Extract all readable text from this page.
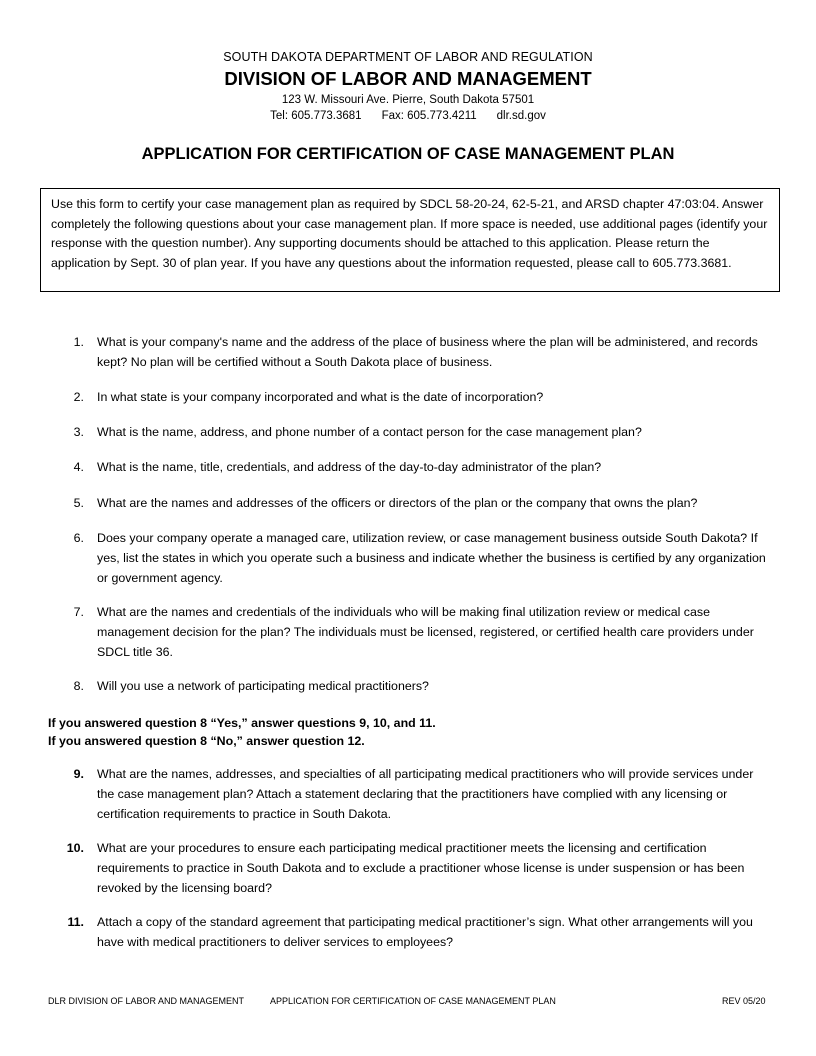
SOUTH DAKOTA DEPARTMENT OF LABOR AND REGULATION
DIVISION OF LABOR AND MANAGEMENT
123 W. Missouri Ave. Pierre, South Dakota 57501
Tel: 605.773.3681 Fax: 605.773.4211 dlr.sd.gov
APPLICATION FOR CERTIFICATION OF CASE MANAGEMENT PLAN
Use this form to certify your case management plan as required by SDCL 58-20-24, 62-5-21, and ARSD chapter 47:03:04. Answer completely the following questions about your case management plan. If more space is needed, use additional pages (identify your response with the question number). Any supporting documents should be attached to this application. Please return the application by Sept. 30 of plan year. If you have any questions about the information requested, please call to 605.773.3681.
1. What is your company's name and the address of the place of business where the plan will be administered, and records kept? No plan will be certified without a South Dakota place of business.
2. In what state is your company incorporated and what is the date of incorporation?
3. What is the name, address, and phone number of a contact person for the case management plan?
4. What is the name, title, credentials, and address of the day-to-day administrator of the plan?
5. What are the names and addresses of the officers or directors of the plan or the company that owns the plan?
6. Does your company operate a managed care, utilization review, or case management business outside South Dakota? If yes, list the states in which you operate such a business and indicate whether the business is certified by any organization or government agency.
7. What are the names and credentials of the individuals who will be making final utilization review or medical case management decision for the plan? The individuals must be licensed, registered, or certified health care providers under SDCL title 36.
8. Will you use a network of participating medical practitioners?
If you answered question 8 “Yes,” answer questions 9, 10, and 11.
If you answered question 8 “No,” answer question 12.
9. What are the names, addresses, and specialties of all participating medical practitioners who will provide services under the case management plan? Attach a statement declaring that the practitioners have complied with any licensing or certification requirements to practice in South Dakota.
10. What are your procedures to ensure each participating medical practitioner meets the licensing and certification requirements to practice in South Dakota and to exclude a practitioner whose license is under suspension or has been revoked by the licensing board?
11. Attach a copy of the standard agreement that participating medical practitioner’s sign. What other arrangements will you have with medical practitioners to deliver services to employees?
DLR DIVISION OF LABOR AND MANAGEMENT	APPLICATION FOR CERTIFICATION OF CASE MANAGEMENT PLAN	REV 05/20
